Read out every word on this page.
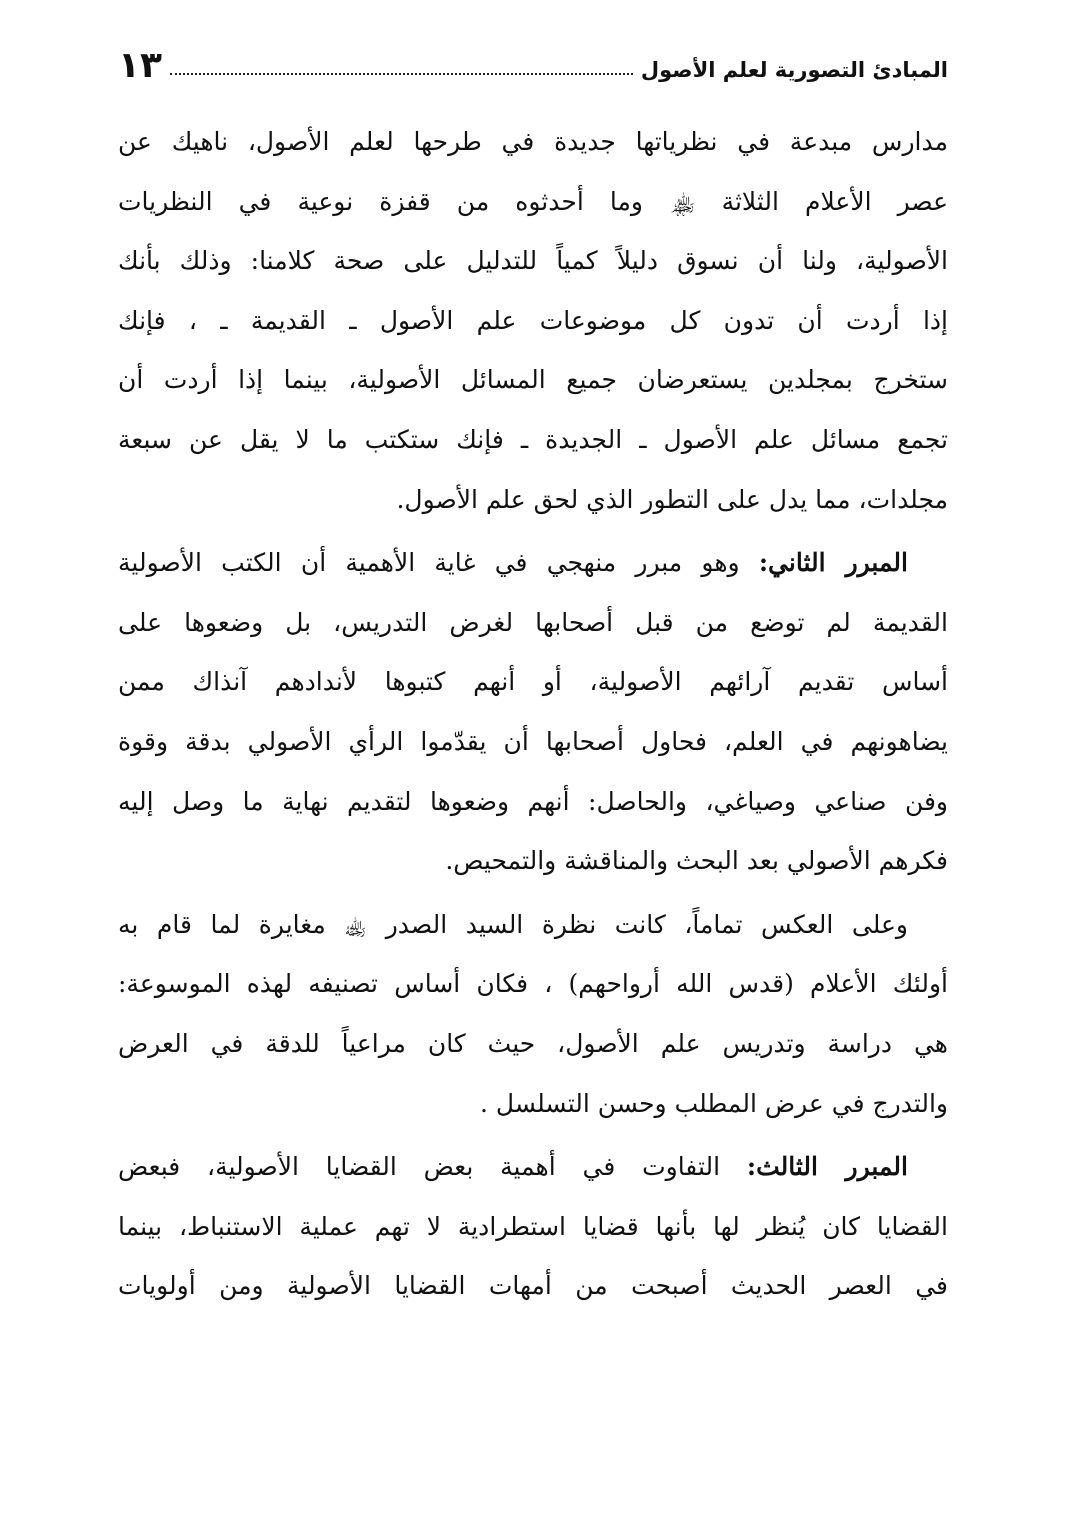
المبادئ التصورية لعلم الأصول
١٣
مدارس مبدعة في نظرياتها جديدة في طرحها لعلم الأصول، ناهيك عن
عصر الأعلام الثلاثة ﵏ وما أحدثوه من قفزة نوعية في النظريات
الأصولية، ولنا أن نسوق دليلاً كمياً للتدليل على صحة كلامنا: وذلك بأنك
إذا أردت أن تدون كل موضوعات علم الأصول ـ القديمة ـ ، فإنك
ستخرج بمجلدين يستعرضان جميع المسائل الأصولية، بينما إذا أردت أن
تجمع مسائل علم الأصول ـ الجديدة ـ فإنك ستكتب ما لا يقل عن سبعة
مجلدات، مما يدل على التطور الذي لحق علم الأصول.
المبرر الثاني: وهو مبرر منهجي في غاية الأهمية أن الكتب الأصولية
القديمة لم توضع من قبل أصحابها لغرض التدريس، بل وضعوها على
أساس تقديم آرائهم الأصولية، أو أنهم كتبوها لأندادهم آنذاك ممن
يضاهونهم في العلم، فحاول أصحابها أن يقدّموا الرأي الأصولي بدقة وقوة
وفن صناعي وصياغي، والحاصل: أنهم وضعوها لتقديم نهاية ما وصل إليه
فكرهم الأصولي بعد البحث والمناقشة والتمحيص.
وعلى العكس تماماً، كانت نظرة السيد الصدر ﵀ مغايرة لما قام به
أولئك الأعلام (قدس الله أرواحهم) ، فكان أساس تصنيفه لهذه الموسوعة:
هي دراسة وتدريس علم الأصول، حيث كان مراعياً للدقة في العرض
والتدرج في عرض المطلب وحسن التسلسل .
المبرر الثالث: التفاوت في أهمية بعض القضايا الأصولية، فبعض
القضايا كان يُنظر لها بأنها قضايا استطرادية لا تهم عملية الاستنباط، بينما
في العصر الحديث أصبحت من أمهات القضايا الأصولية ومن أولويات
